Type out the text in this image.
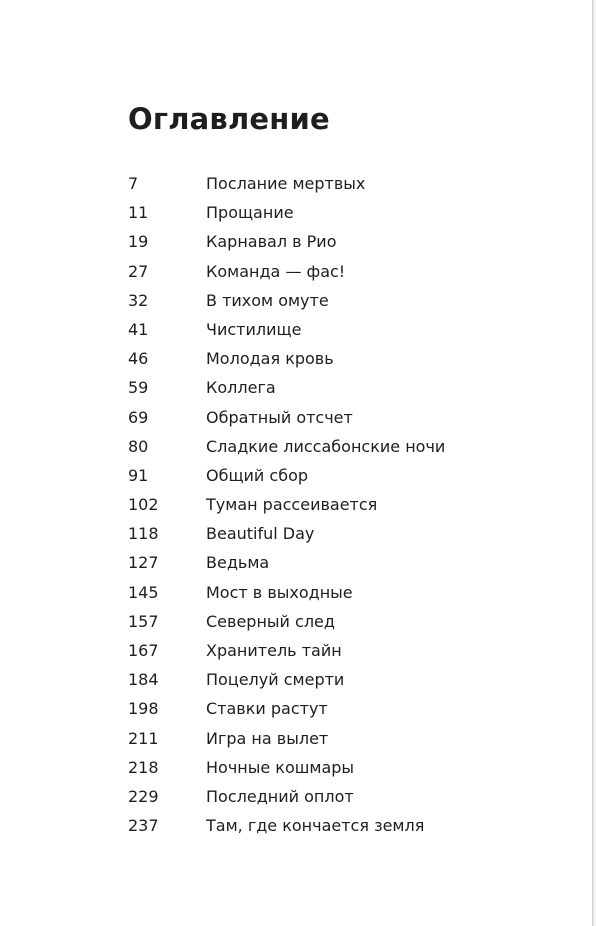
Оглавление
7	Послание мертвых
11	Прощание
19	Карнавал в Рио
27	Команда — фас!
32	В тихом омуте
41	Чистилище
46	Молодая кровь
59	Коллега
69	Обратный отсчет
80	Сладкие лиссабонские ночи
91	Общий сбор
102	Туман рассеивается
118	Beautiful Day
127	Ведьма
145	Мост в выходные
157	Северный след
167	Хранитель тайн
184	Поцелуй смерти
198	Ставки растут
211	Игра на вылет
218	Ночные кошмары
229	Последний оплот
237	Там, где кончается земля
